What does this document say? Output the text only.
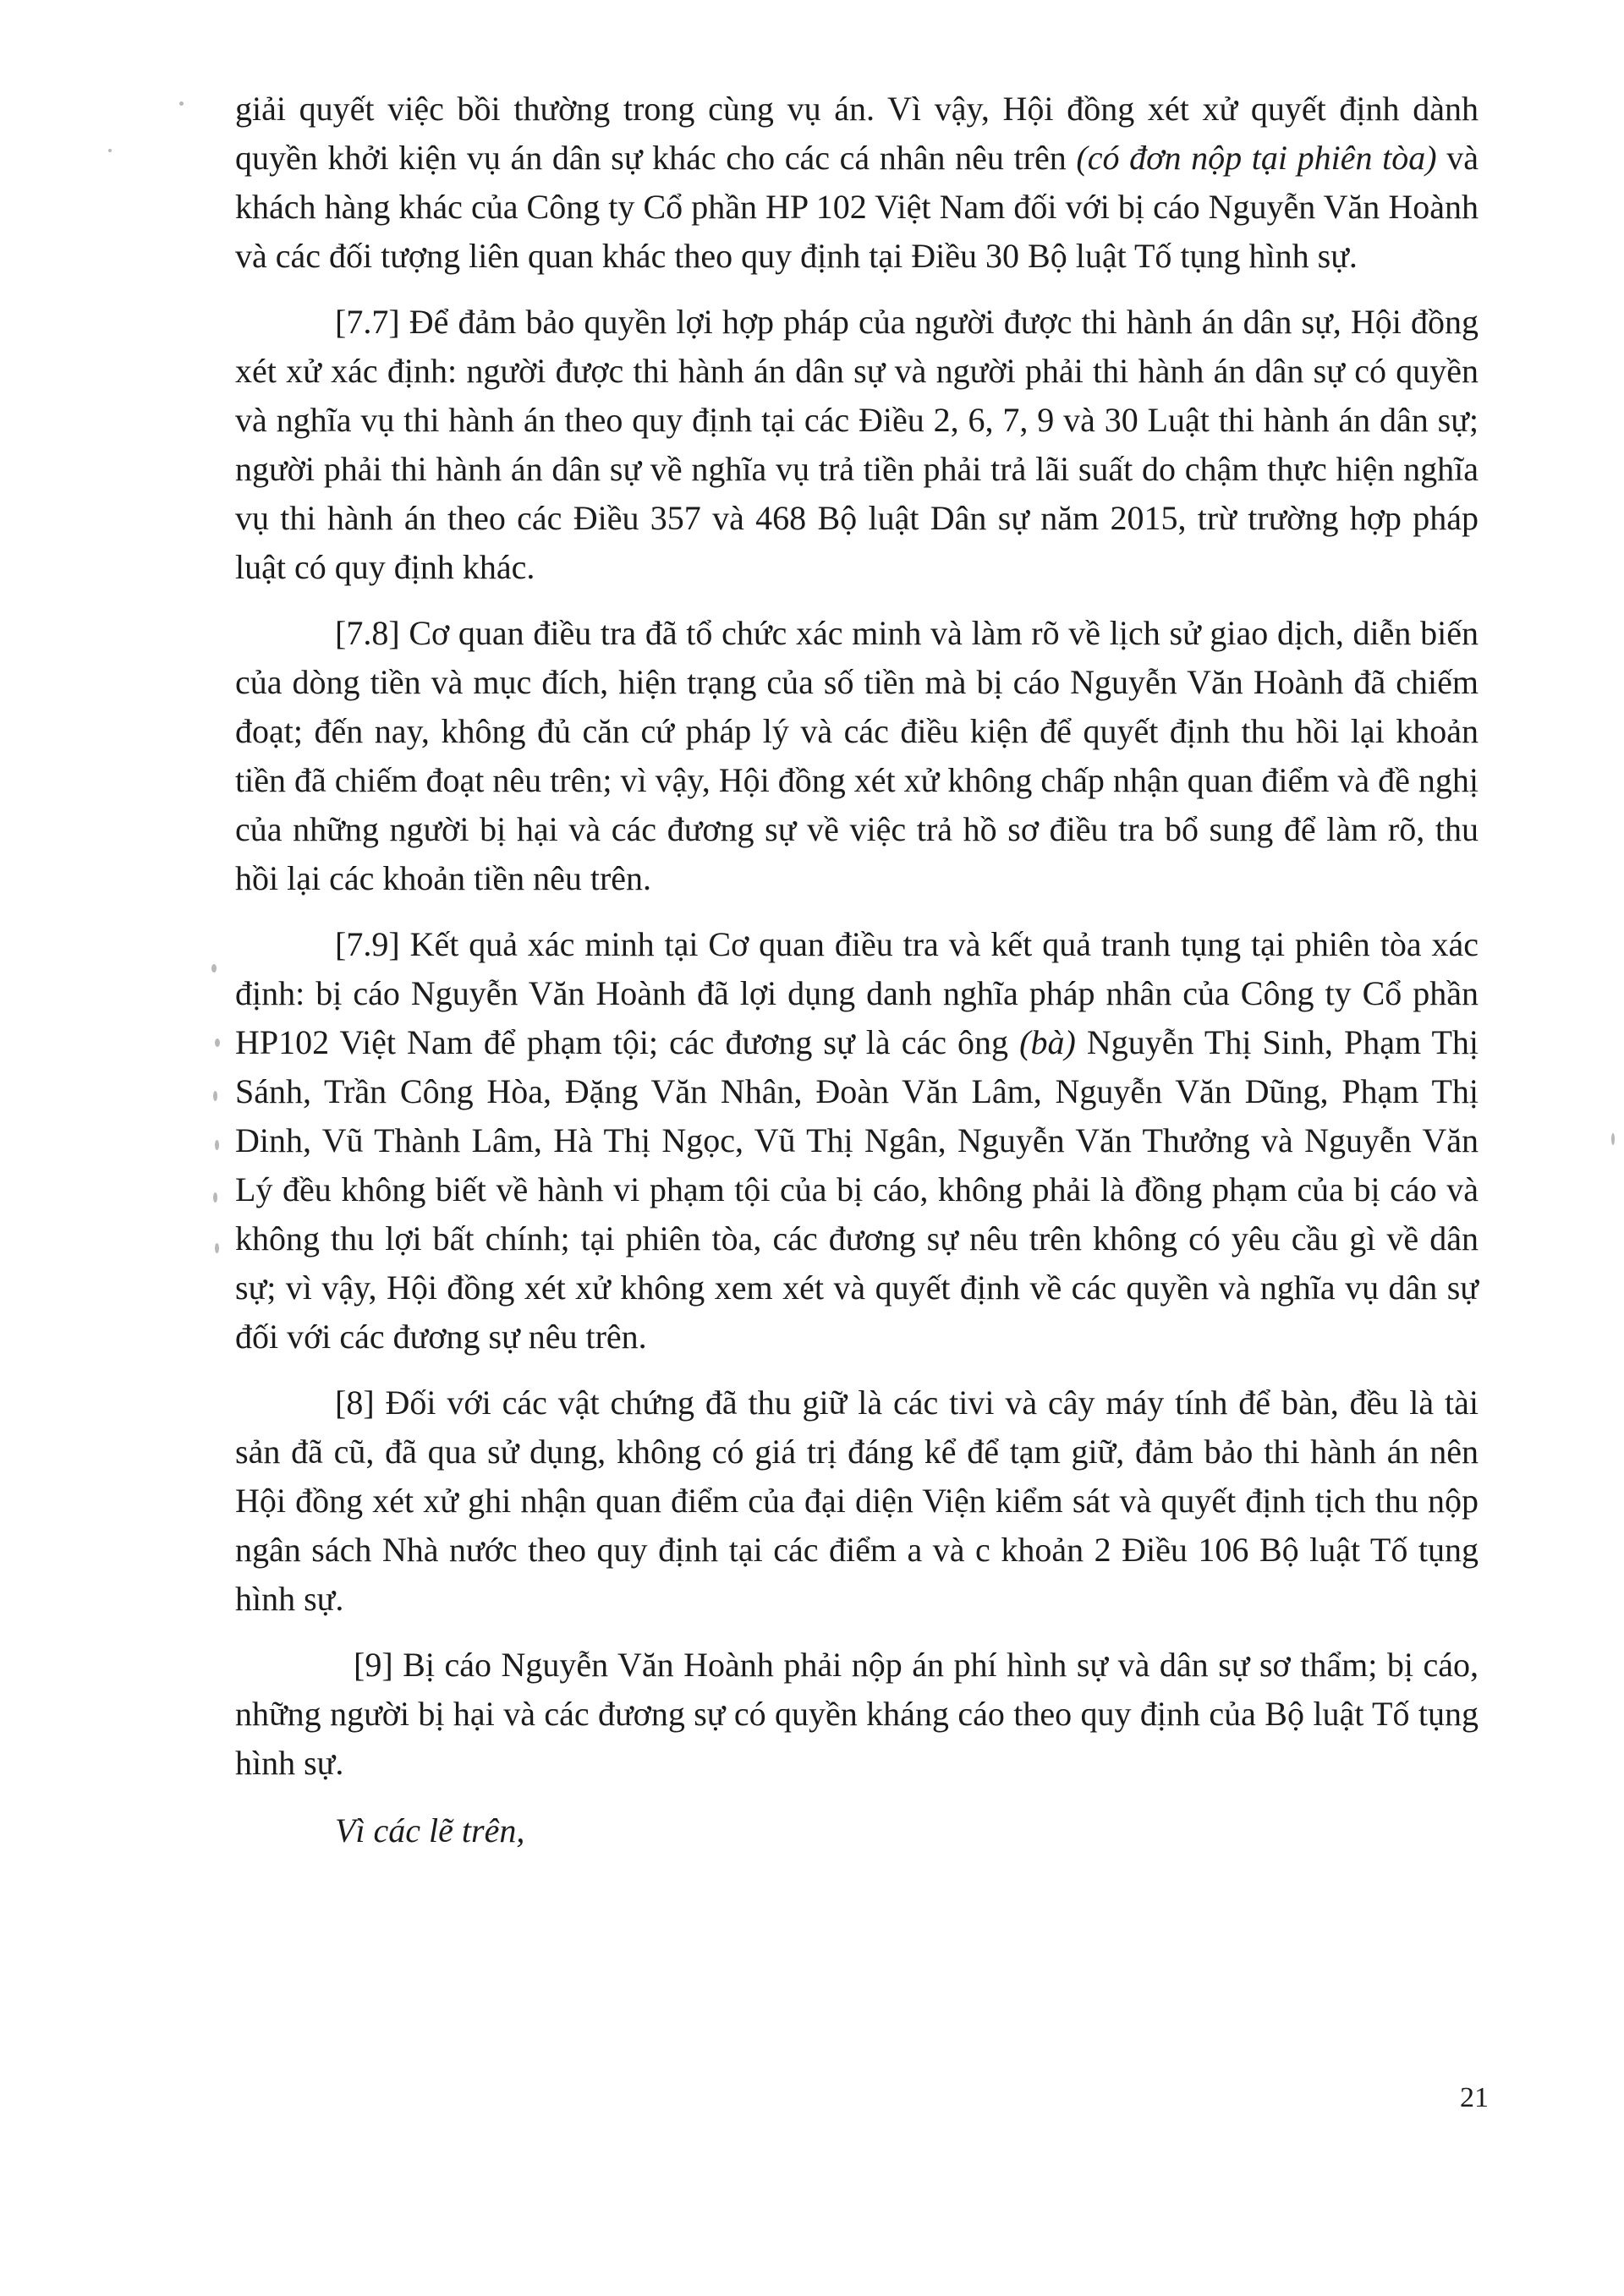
giải quyết việc bồi thường trong cùng vụ án. Vì vậy, Hội đồng xét xử quyết định dành quyền khởi kiện vụ án dân sự khác cho các cá nhân nêu trên (có đơn nộp tại phiên tòa) và khách hàng khác của Công ty Cổ phần HP 102 Việt Nam đối với bị cáo Nguyễn Văn Hoành và các đối tượng liên quan khác theo quy định tại Điều 30 Bộ luật Tố tụng hình sự.

[7.7] Để đảm bảo quyền lợi hợp pháp của người được thi hành án dân sự, Hội đồng xét xử xác định: người được thi hành án dân sự và người phải thi hành án dân sự có quyền và nghĩa vụ thi hành án theo quy định tại các Điều 2, 6, 7, 9 và 30 Luật thi hành án dân sự; người phải thi hành án dân sự về nghĩa vụ trả tiền phải trả lãi suất do chậm thực hiện nghĩa vụ thi hành án theo các Điều 357 và 468 Bộ luật Dân sự năm 2015, trừ trường hợp pháp luật có quy định khác.

[7.8] Cơ quan điều tra đã tổ chức xác minh và làm rõ về lịch sử giao dịch, diễn biến của dòng tiền và mục đích, hiện trạng của số tiền mà bị cáo Nguyễn Văn Hoành đã chiếm đoạt; đến nay, không đủ căn cứ pháp lý và các điều kiện để quyết định thu hồi lại khoản tiền đã chiếm đoạt nêu trên; vì vậy, Hội đồng xét xử không chấp nhận quan điểm và đề nghị của những người bị hại và các đương sự về việc trả hồ sơ điều tra bổ sung để làm rõ, thu hồi lại các khoản tiền nêu trên.

[7.9] Kết quả xác minh tại Cơ quan điều tra và kết quả tranh tụng tại phiên tòa xác định: bị cáo Nguyễn Văn Hoành đã lợi dụng danh nghĩa pháp nhân của Công ty Cổ phần HP102 Việt Nam để phạm tội; các đương sự là các ông (bà) Nguyễn Thị Sinh, Phạm Thị Sánh, Trần Công Hòa, Đặng Văn Nhân, Đoàn Văn Lâm, Nguyễn Văn Dũng, Phạm Thị Dinh, Vũ Thành Lâm, Hà Thị Ngọc, Vũ Thị Ngân, Nguyễn Văn Thưởng và Nguyễn Văn Lý đều không biết về hành vi phạm tội của bị cáo, không phải là đồng phạm của bị cáo và không thu lợi bất chính; tại phiên tòa, các đương sự nêu trên không có yêu cầu gì về dân sự; vì vậy, Hội đồng xét xử không xem xét và quyết định về các quyền và nghĩa vụ dân sự đối với các đương sự nêu trên.

[8] Đối với các vật chứng đã thu giữ là các tivi và cây máy tính để bàn, đều là tài sản đã cũ, đã qua sử dụng, không có giá trị đáng kể để tạm giữ, đảm bảo thi hành án nên Hội đồng xét xử ghi nhận quan điểm của đại diện Viện kiểm sát và quyết định tịch thu nộp ngân sách Nhà nước theo quy định tại các điểm a và c khoản 2 Điều 106 Bộ luật Tố tụng hình sự.

[9] Bị cáo Nguyễn Văn Hoành phải nộp án phí hình sự và dân sự sơ thẩm; bị cáo, những người bị hại và các đương sự có quyền kháng cáo theo quy định của Bộ luật Tố tụng hình sự.

Vì các lẽ trên,

21
